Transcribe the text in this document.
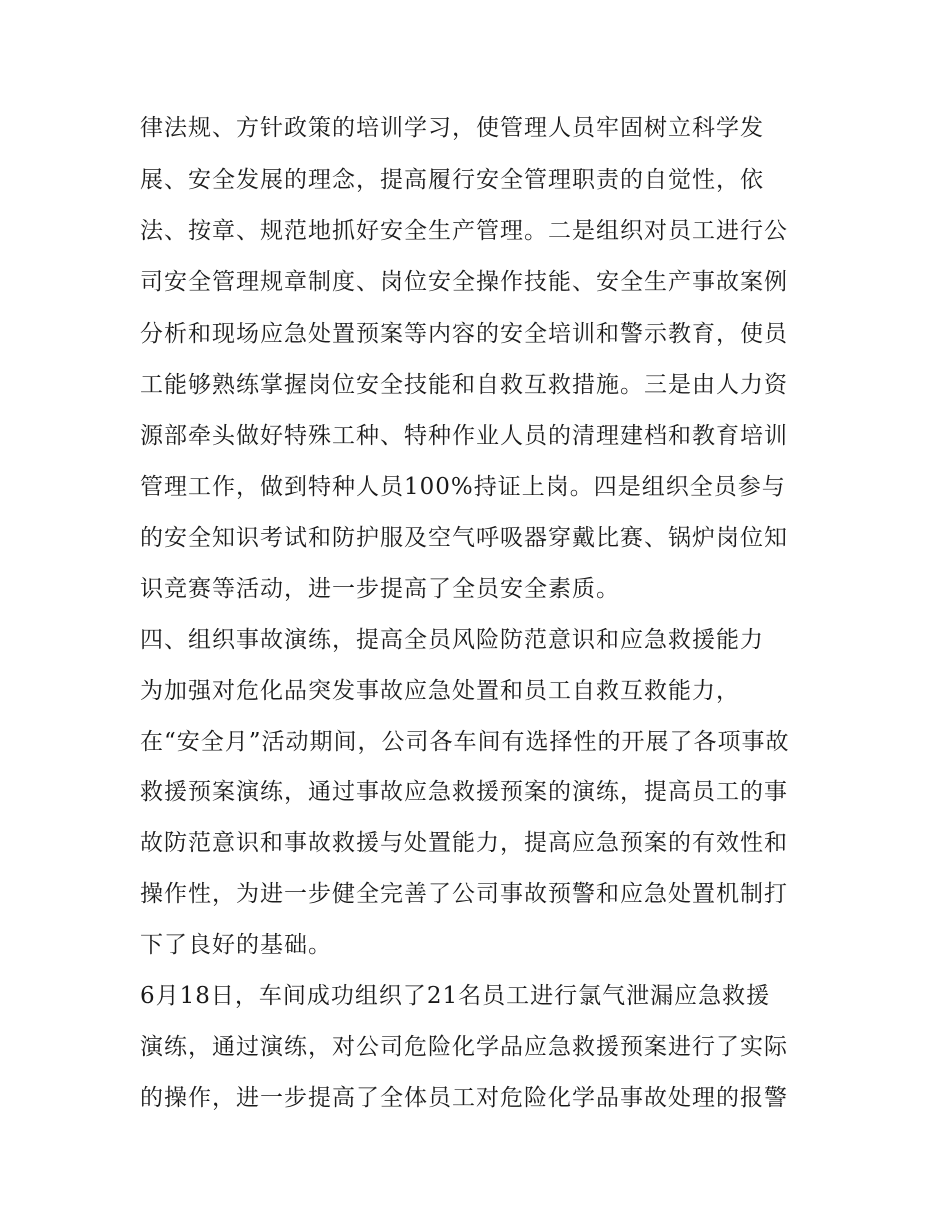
律法规、方针政策的培训学习，使管理人员牢固树立科学发
展、安全发展的理念，提高履行安全管理职责的自觉性，依
法、按章、规范地抓好安全生产管理。二是组织对员工进行公
司安全管理规章制度、岗位安全操作技能、安全生产事故案例
分析和现场应急处置预案等内容的安全培训和警示教育，使员
工能够熟练掌握岗位安全技能和自救互救措施。三是由人力资
源部牵头做好特殊工种、特种作业人员的清理建档和教育培训
管理工作，做到特种人员100%持证上岗。四是组织全员参与
的安全知识考试和防护服及空气呼吸器穿戴比赛、锅炉岗位知
识竞赛等活动，进一步提高了全员安全素质。
四、组织事故演练，提高全员风险防范意识和应急救援能力
为加强对危化品突发事故应急处置和员工自救互救能力，
在“安全月”活动期间，公司各车间有选择性的开展了各项事故
救援预案演练，通过事故应急救援预案的演练，提高员工的事
故防范意识和事故救援与处置能力，提高应急预案的有效性和
操作性，为进一步健全完善了公司事故预警和应急处置机制打
下了良好的基础。
6月18日，车间成功组织了21名员工进行氯气泄漏应急救援
演练，通过演练，对公司危险化学品应急救援预案进行了实际
的操作，进一步提高了全体员工对危险化学品事故处理的报警
